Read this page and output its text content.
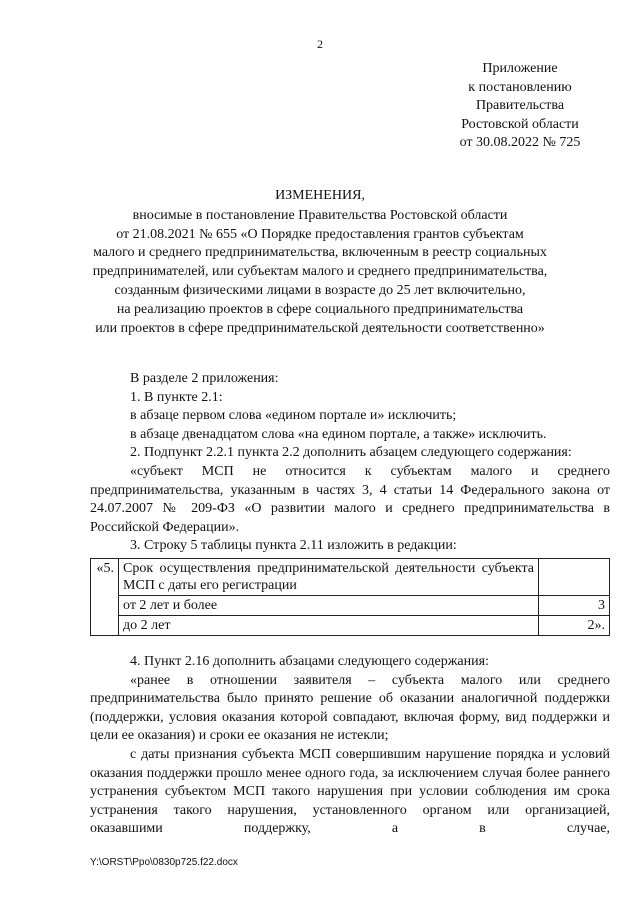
2
Приложение
к постановлению
Правительства
Ростовской области
от 30.08.2022 № 725
ИЗМЕНЕНИЯ,
вносимые в постановление Правительства Ростовской области
от 21.08.2021 № 655 «О Порядке предоставления грантов субъектам
малого и среднего предпринимательства, включенным в реестр социальных
предпринимателей, или субъектам малого и среднего предпринимательства,
созданным физическими лицами в возрасте до 25 лет включительно,
на реализацию проектов в сфере социального предпринимательства
или проектов в сфере предпринимательской деятельности соответственно»
В разделе 2 приложения:
1. В пункте 2.1:
в абзаце первом слова «едином портале и» исключить;
в абзаце двенадцатом слова «на едином портале, а также» исключить.
2. Подпункт 2.2.1 пункта 2.2 дополнить абзацем следующего содержания:
«субъект МСП не относится к субъектам малого и среднего предпринимательства, указанным в частях 3, 4 статьи 14 Федерального закона от 24.07.2007 № 209-ФЗ «О развитии малого и среднего предпринимательства в Российской Федерации».
3. Строку 5 таблицы пункта 2.11 изложить в редакции:
«5.	Срок осуществления предпринимательской деятельности субъекта МСП с даты его регистрации	
	от 2 лет и более	3
	до 2 лет	2».
4. Пункт 2.16 дополнить абзацами следующего содержания:
«ранее в отношении заявителя – субъекта малого или среднего предпринимательства было принято решение об оказании аналогичной поддержки (поддержки, условия оказания которой совпадают, включая форму, вид поддержки и цели ее оказания) и сроки ее оказания не истекли;
с даты признания субъекта МСП совершившим нарушение порядка и условий оказания поддержки прошло менее одного года, за исключением случая более раннего устранения субъектом МСП такого нарушения при условии соблюдения им срока устранения такого нарушения, установленного органом или организацией, оказавшими поддержку, а в случае,
Y:\ORST\Ppo\0830p725.f22.docx
